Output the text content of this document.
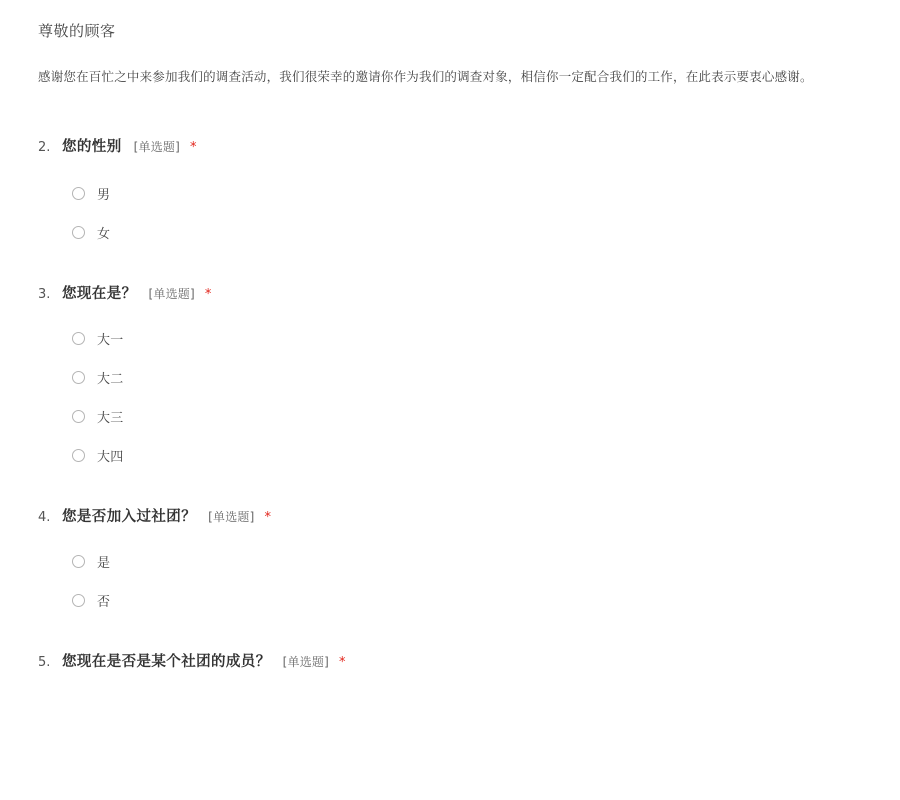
尊敬的顾客

感谢您在百忙之中来参加我们的调查活动，我们很荣幸的邀请你作为我们的调查对象，相信你一定配合我们的工作，在此表示要衷心感谢。

2. 您的性别 [单选题] *
男
女
3. 您现在是？ [单选题] *
大一
大二
大三
大四
4. 您是否加入过社团？ [单选题] *
是
否
5. 您现在是否是某个社团的成员？ [单选题] *
